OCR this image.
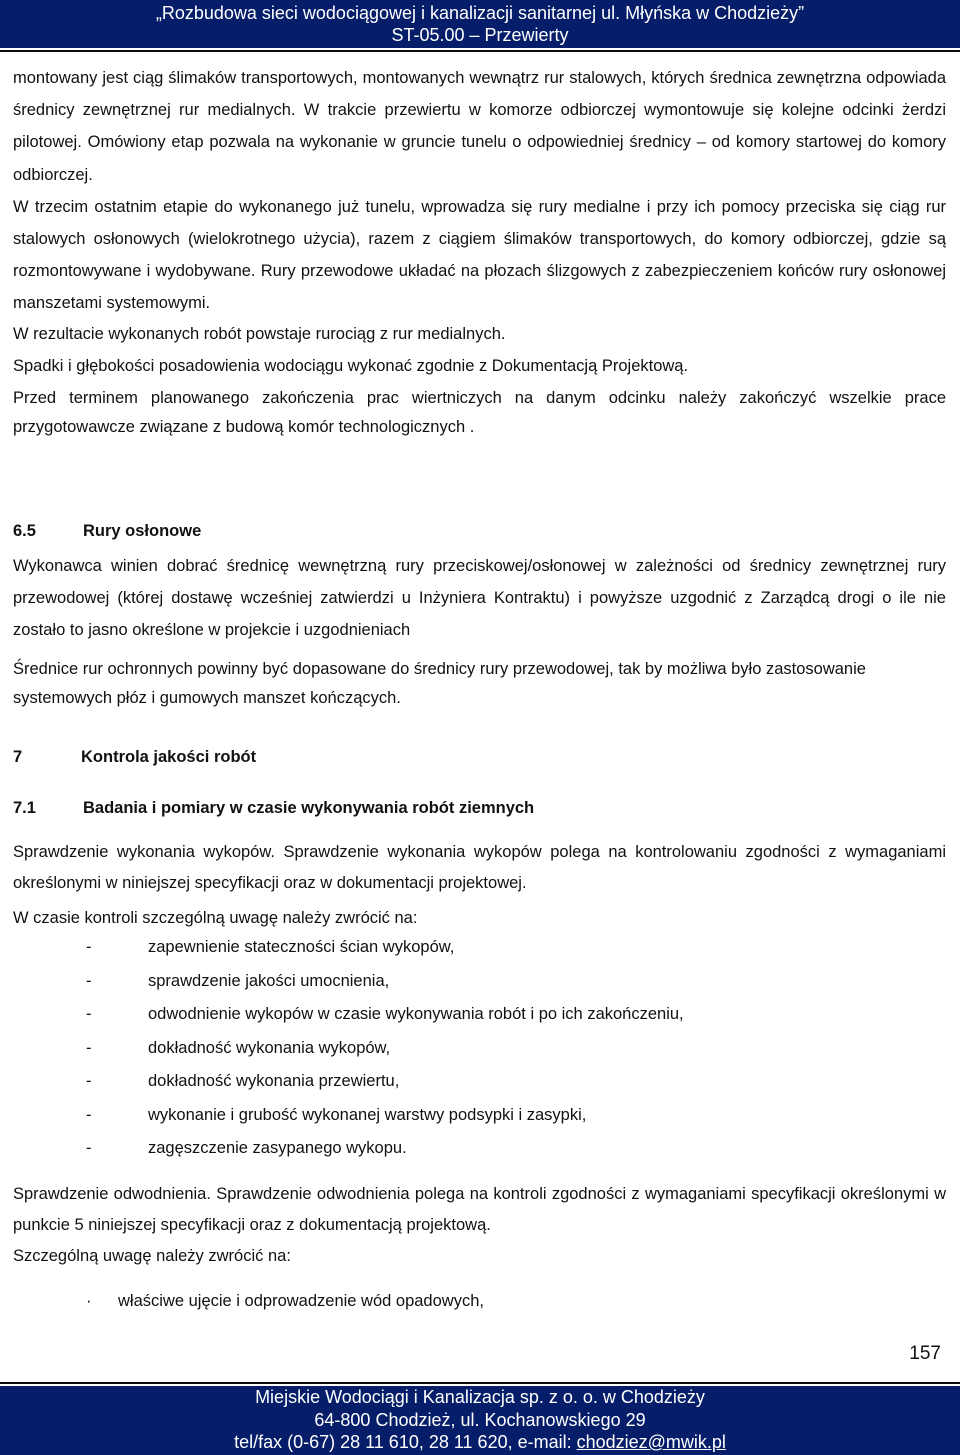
„Rozbudowa sieci wodociągowej i kanalizacji sanitarnej ul. Młyńska w Chodzieży”
ST-05.00 – Przewierty

montowany jest ciąg ślimaków transportowych, montowanych wewnątrz rur stalowych, których średnica zewnętrzna odpowiada średnicy zewnętrznej rur medialnych. W trakcie przewiertu w komorze odbiorczej wymontowuje się kolejne odcinki żerdzi pilotowej. Omówiony etap pozwala na wykonanie w gruncie tunelu o odpowiedniej średnicy – od komory startowej do komory odbiorczej.

W trzecim ostatnim etapie do wykonanego już tunelu, wprowadza się rury medialne i przy ich pomocy przeciska się ciąg rur stalowych osłonowych (wielokrotnego użycia), razem z ciągiem ślimaków transportowych, do komory odbiorczej, gdzie są rozmontowywane i wydobywane. Rury przewodowe układać na płozach ślizgowych z zabezpieczeniem końców rury osłonowej manszetami systemowymi.

W rezultacie wykonanych robót powstaje rurociąg z rur medialnych.

Spadki i głębokości posadowienia wodociągu wykonać zgodnie z Dokumentacją Projektową.

Przed terminem planowanego zakończenia prac wiertniczych na danym odcinku należy zakończyć wszelkie prace przygotowawcze związane z budową komór technologicznych .

6.5	Rury osłonowe

Wykonawca winien dobrać średnicę wewnętrzną rury przeciskowej/osłonowej w zależności od średnicy zewnętrznej rury przewodowej (której dostawę wcześniej zatwierdzi u Inżyniera Kontraktu) i powyższe uzgodnić z Zarządcą drogi o ile nie zostało to jasno określone w projekcie i uzgodnieniach

Średnice rur ochronnych powinny być dopasowane do średnicy rury przewodowej, tak by możliwa było zastosowanie systemowych płóz i gumowych manszet kończących.

7	Kontrola jakości robót

7.1	Badania i pomiary w czasie wykonywania robót ziemnych

Sprawdzenie wykonania wykopów. Sprawdzenie wykonania wykopów polega na kontrolowaniu zgodności z wymaganiami określonymi w niniejszej specyfikacji oraz w dokumentacji projektowej.

W czasie kontroli szczególną uwagę należy zwrócić na:

-	zapewnienie stateczności ścian wykopów,
-	sprawdzenie jakości umocnienia,
-	odwodnienie wykopów w czasie wykonywania robót i po ich zakończeniu,
-	dokładność wykonania wykopów,
-	dokładność wykonania przewiertu,
-	wykonanie i grubość wykonanej warstwy podsypki i zasypki,
-	zagęszczenie zasypanego wykopu.

Sprawdzenie odwodnienia. Sprawdzenie odwodnienia polega na kontroli zgodności z wymaganiami specyfikacji określonymi w punkcie 5 niniejszej specyfikacji oraz z dokumentacją projektową.

Szczególną uwagę należy zwrócić na:

· właściwe ujęcie i odprowadzenie wód opadowych,
157
Miejskie Wodociągi i Kanalizacja sp. z o. o. w Chodzieży
64-800 Chodzież, ul. Kochanowskiego 29
tel/fax (0-67) 28 11 610, 28 11 620, e-mail: chodziez@mwik.pl
